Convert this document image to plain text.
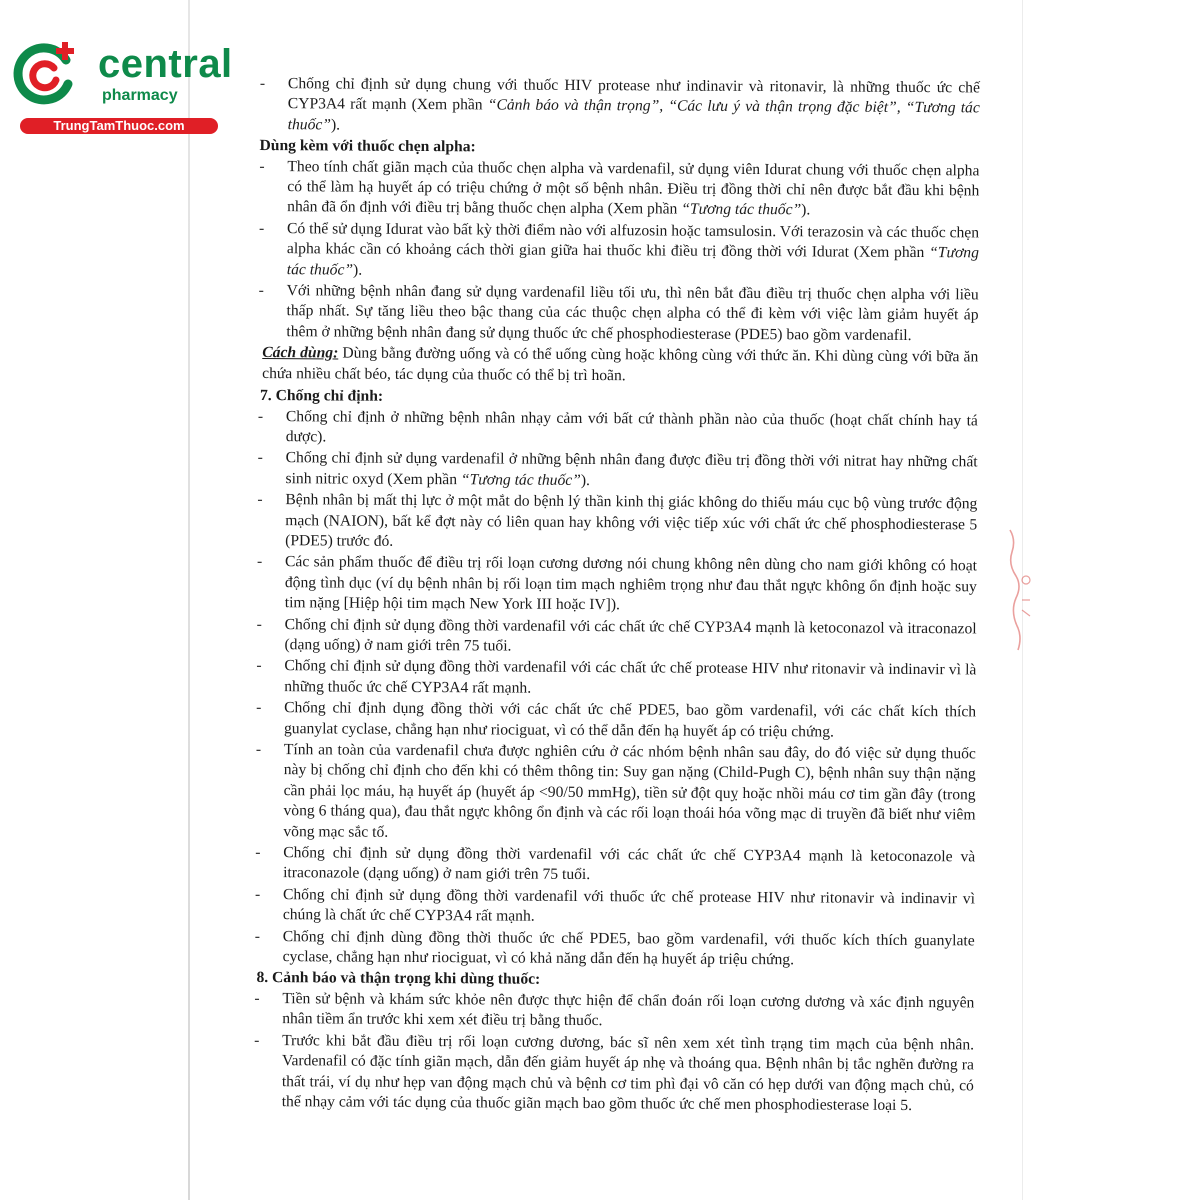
central
pharmacy
TrungTamThuoc.com
- Chống chỉ định sử dụng chung với thuốc HIV protease như indinavir và ritonavir, là những thuốc ức chế CYP3A4 rất mạnh (Xem phần “Cảnh báo và thận trọng”, “Các lưu ý và thận trọng đặc biệt”, “Tương tác thuốc”).
Dùng kèm với thuốc chẹn alpha:
- Theo tính chất giãn mạch của thuốc chẹn alpha và vardenafil, sử dụng viên Idurat chung với thuốc chẹn alpha có thể làm hạ huyết áp có triệu chứng ở một số bệnh nhân. Điều trị đồng thời chỉ nên được bắt đầu khi bệnh nhân đã ổn định với điều trị bằng thuốc chẹn alpha (Xem phần “Tương tác thuốc”).
- Có thể sử dụng Idurat vào bất kỳ thời điểm nào với alfuzosin hoặc tamsulosin. Với terazosin và các thuốc chẹn alpha khác cần có khoảng cách thời gian giữa hai thuốc khi điều trị đồng thời với Idurat (Xem phần “Tương tác thuốc”).
- Với những bệnh nhân đang sử dụng vardenafil liều tối ưu, thì nên bắt đầu điều trị thuốc chẹn alpha với liều thấp nhất. Sự tăng liều theo bậc thang của các thuộc chẹn alpha có thể đi kèm với việc làm giảm huyết áp thêm ở những bệnh nhân đang sử dụng thuốc ức chế phosphodiesterase (PDE5) bao gồm vardenafil.
Cách dùng: Dùng bằng đường uống và có thể uống cùng hoặc không cùng với thức ăn. Khi dùng cùng với bữa ăn chứa nhiều chất béo, tác dụng của thuốc có thể bị trì hoãn.
7. Chống chỉ định:
- Chống chỉ định ở những bệnh nhân nhạy cảm với bất cứ thành phần nào của thuốc (hoạt chất chính hay tá dược).
- Chống chỉ định sử dụng vardenafil ở những bệnh nhân đang được điều trị đồng thời với nitrat hay những chất sinh nitric oxyd (Xem phần “Tương tác thuốc”).
- Bệnh nhân bị mất thị lực ở một mắt do bệnh lý thần kinh thị giác không do thiếu máu cục bộ vùng trước động mạch (NAION), bất kể đợt này có liên quan hay không với việc tiếp xúc với chất ức chế phosphodiesterase 5 (PDE5) trước đó.
- Các sản phẩm thuốc để điều trị rối loạn cương dương nói chung không nên dùng cho nam giới không có hoạt động tình dục (ví dụ bệnh nhân bị rối loạn tim mạch nghiêm trọng như đau thắt ngực không ổn định hoặc suy tim nặng [Hiệp hội tim mạch New York III hoặc IV]).
- Chống chỉ định sử dụng đồng thời vardenafil với các chất ức chế CYP3A4 mạnh là ketoconazol và itraconazol (dạng uống) ở nam giới trên 75 tuổi.
- Chống chỉ định sử dụng đồng thời vardenafil với các chất ức chế protease HIV như ritonavir và indinavir vì là những thuốc ức chế CYP3A4 rất mạnh.
- Chống chỉ định dụng đồng thời với các chất ức chế PDE5, bao gồm vardenafil, với các chất kích thích guanylat cyclase, chẳng hạn như riociguat, vì có thể dẫn đến hạ huyết áp có triệu chứng.
- Tính an toàn của vardenafil chưa được nghiên cứu ở các nhóm bệnh nhân sau đây, do đó việc sử dụng thuốc này bị chống chỉ định cho đến khi có thêm thông tin: Suy gan nặng (Child-Pugh C), bệnh nhân suy thận nặng cần phải lọc máu, hạ huyết áp (huyết áp <90/50 mmHg), tiền sử đột quỵ hoặc nhồi máu cơ tim gần đây (trong vòng 6 tháng qua), đau thắt ngực không ổn định và các rối loạn thoái hóa võng mạc di truyền đã biết như viêm võng mạc sắc tố.
- Chống chỉ định sử dụng đồng thời vardenafil với các chất ức chế CYP3A4 mạnh là ketoconazole và itraconazole (dạng uống) ở nam giới trên 75 tuổi.
- Chống chỉ định sử dụng đồng thời vardenafil với thuốc ức chế protease HIV như ritonavir và indinavir vì chúng là chất ức chế CYP3A4 rất mạnh.
- Chống chỉ định dùng đồng thời thuốc ức chế PDE5, bao gồm vardenafil, với thuốc kích thích guanylate cyclase, chẳng hạn như riociguat, vì có khả năng dẫn đến hạ huyết áp triệu chứng.
8. Cảnh báo và thận trọng khi dùng thuốc:
- Tiền sử bệnh và khám sức khỏe nên được thực hiện để chẩn đoán rối loạn cương dương và xác định nguyên nhân tiềm ẩn trước khi xem xét điều trị bằng thuốc.
- Trước khi bắt đầu điều trị rối loạn cương dương, bác sĩ nên xem xét tình trạng tim mạch của bệnh nhân. Vardenafil có đặc tính giãn mạch, dẫn đến giảm huyết áp nhẹ và thoáng qua. Bệnh nhân bị tắc nghẽn đường ra thất trái, ví dụ như hẹp van động mạch chủ và bệnh cơ tim phì đại vô căn có hẹp dưới van động mạch chủ, có thể nhạy cảm với tác dụng của thuốc giãn mạch bao gồm thuốc ức chế men phosphodiesterase loại 5.
